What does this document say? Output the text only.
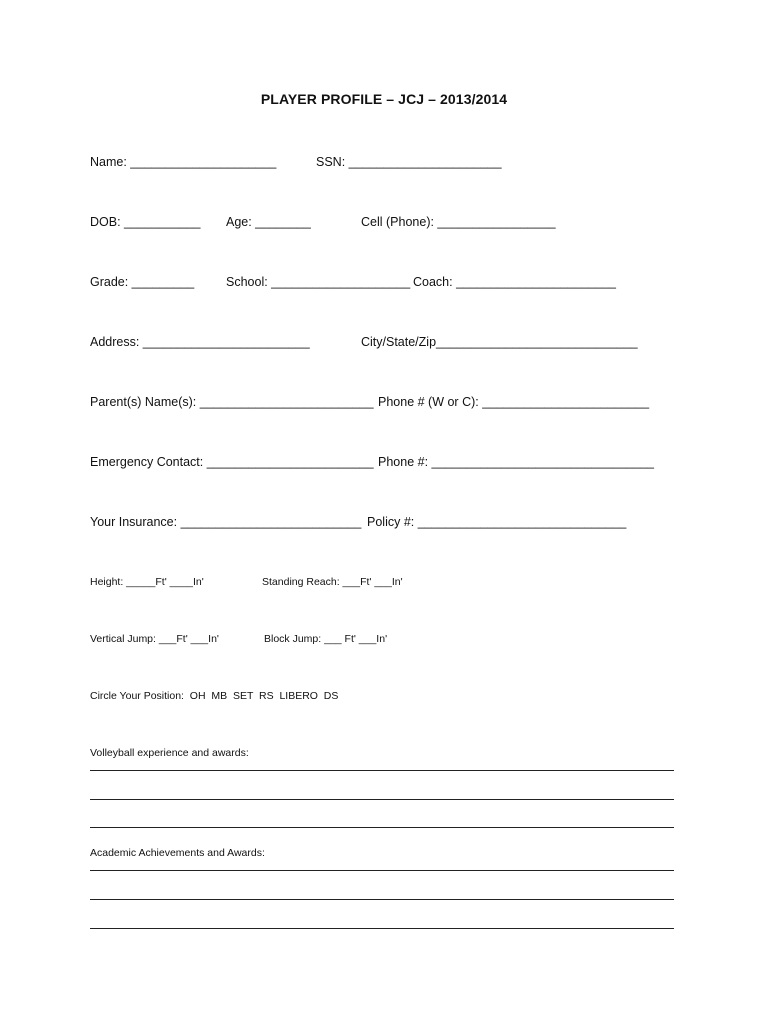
PLAYER PROFILE – JCJ – 2013/2014
Name: _____________________	SSN: ______________________
DOB: ___________ Age: ________	Cell (Phone): _________________
Grade: _________	School: ____________________ Coach: _______________________
Address: ________________________	City/State/Zip_____________________________
Parent(s) Name(s): _________________________ Phone # (W or C): ________________________
Emergency Contact: ________________________ Phone #: ________________________________
Your Insurance: __________________________ Policy #: ______________________________
Height: _____Ft' ____In'	Standing Reach: ___Ft' ___In'
Vertical Jump: ___Ft' ___In'	Block Jump: ___ Ft' ___In'
Circle Your Position:  OH  MB  SET  RS  LIBERO  DS
Volleyball experience and awards:
Academic Achievements and Awards:
